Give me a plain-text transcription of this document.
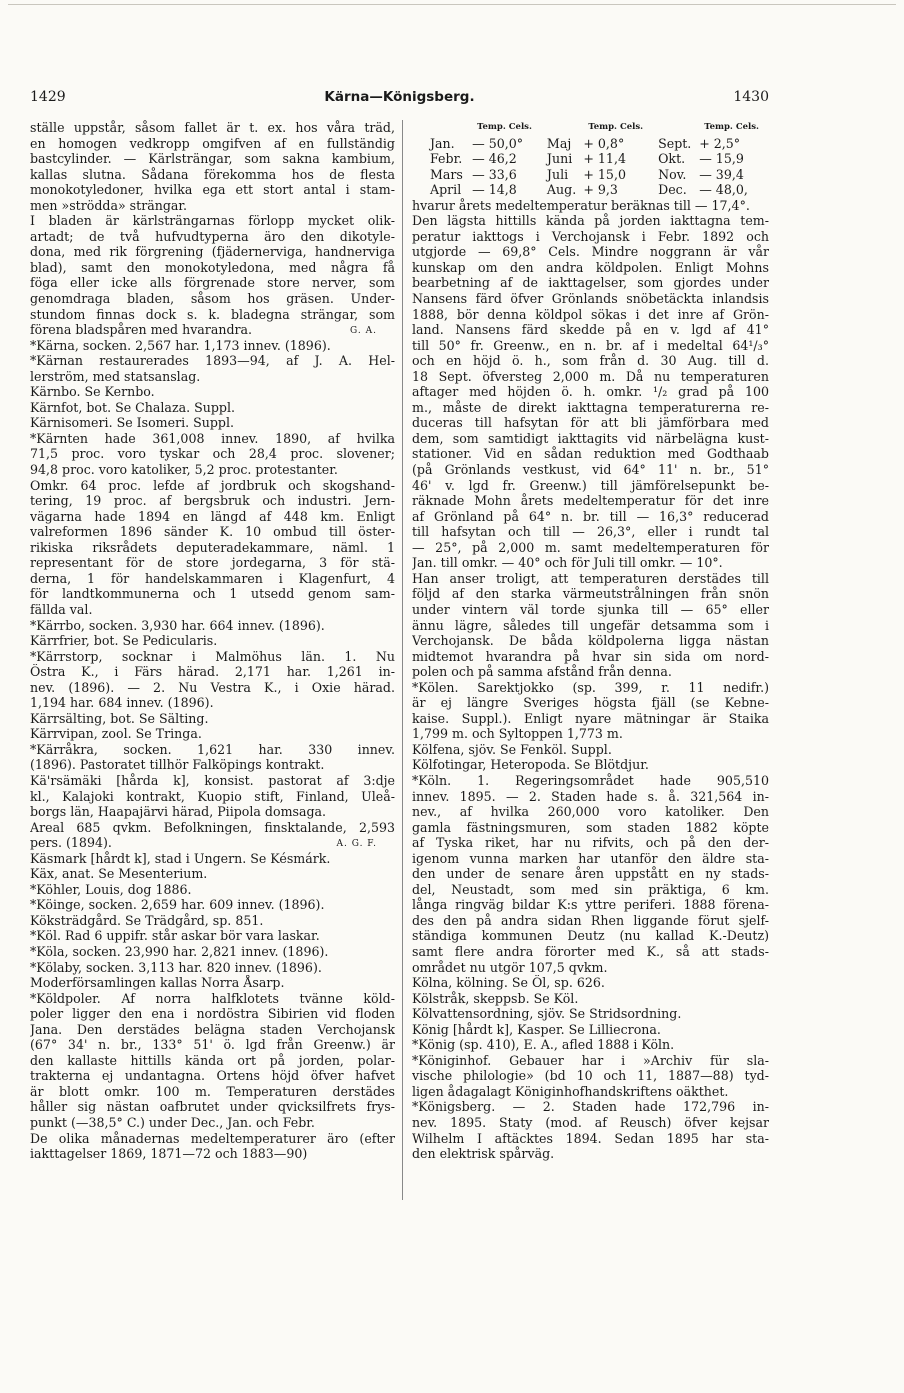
1429	Kärna—Königsberg.	1430
ställe uppstår, såsom fallet är t. ex. hos våra träd,
en homogen vedkropp omgifven af en fullständig
bastcylinder. — Kärlsträngar, som sakna kambium,
kallas slutna. Sådana förekomma hos de flesta
monokotyledoner, hvilka ega ett stort antal i stam-
men »strödda» strängar.
I bladen är kärlsträngarnas förlopp mycket olik-
artadt; de två hufvudtyperna äro den dikotyle-
dona, med rik förgrening (fjädernerviga, handnerviga
blad), samt den monokotyledona, med några få
föga eller icke alls förgrenade store nerver, som
genomdraga bladen, såsom hos gräsen. Under-
stundom finnas dock s. k. bladegna strängar, som
förena bladspåren med hvarandra.	G. A.
*Kärna, socken. 2,567 har. 1,173 innev. (1896).
*Kärnan restaurerades 1893—94, af J. A. Hel-
lerström, med statsanslag.
Kärnbo. Se Kernbo.
Kärnfot, bot. Se Chalaza. Suppl.
Kärnisomeri. Se Isomeri. Suppl.
*Kärnten hade 361,008 innev. 1890, af hvilka
71,5 proc. voro tyskar och 28,4 proc. slovener;
94,8 proc. voro katoliker, 5,2 proc. protestanter.
Omkr. 64 proc. lefde af jordbruk och skogshand-
tering, 19 proc. af bergsbruk och industri. Jern-
vägarna hade 1894 en längd af 448 km. Enligt
valreformen 1896 sänder K. 10 ombud till öster-
rikiska riksrådets deputeradekammare, näml. 1
representant för de store jordegarna, 3 för stä-
derna, 1 för handelskammaren i Klagenfurt, 4
för landtkommunerna och 1 utsedd genom sam-
fällda val.
*Kärrbo, socken. 3,930 har. 664 innev. (1896).
Kärrfrier, bot. Se Pedicularis.
*Kärrstorp, socknar i Malmöhus län. 1. Nu
Östra K., i Färs härad. 2,171 har. 1,261 in-
nev. (1896). — 2. Nu Vestra K., i Oxie härad.
1,194 har. 684 innev. (1896).
Kärrsälting, bot. Se Sälting.
Kärrvipan, zool. Se Tringa.
*Kärråkra, socken. 1,621 har. 330 innev.
(1896). Pastoratet tillhör Falköpings kontrakt.
Kä'rsämäki [hårda k], konsist. pastorat af 3:dje
kl., Kalajoki kontrakt, Kuopio stift, Finland, Uleå-
borgs län, Haapajärvi härad, Piipola domsaga.
Areal 685 qvkm. Befolkningen, finsktalande, 2,593
pers. (1894).	A. G. F.
Käsmark [hårdt k], stad i Ungern. Se Késmárk.
Käx, anat. Se Mesenterium.
*Köhler, Louis, dog 1886.
*Köinge, socken. 2,659 har. 609 innev. (1896).
Köksträdgård. Se Trädgård, sp. 851.
*Köl. Rad 6 uppifr. står askar bör vara laskar.
*Köla, socken. 23,990 har. 2,821 innev. (1896).
*Kölaby, socken. 3,113 har. 820 innev. (1896).
Moderförsamlingen kallas Norra Åsarp.
*Köldpoler. Af norra halfklotets tvänne köld-
poler ligger den ena i nordöstra Sibirien vid floden
Jana. Den derstädes belägna staden Verchojansk
(67° 34' n. br., 133° 51' ö. lgd från Greenw.) är
den kallaste hittills kända ort på jorden, polar-
trakterna ej undantagna. Ortens höjd öfver hafvet
är blott omkr. 100 m. Temperaturen derstädes
håller sig nästan oafbrutet under qvicksilfrets frys-
punkt (—38,5° C.) under Dec., Jan. och Febr.
De olika månadernas medeltemperaturer äro (efter
iakttagelser 1869, 1871—72 och 1883—90)
	Temp. Cels.		Temp. Cels.		Temp. Cels.
Jan.	— 50,0°	Maj	+ 0,8°	Sept.	+ 2,5°
Febr.	— 46,2	Juni	+ 11,4	Okt.	— 15,9
Mars	— 33,6	Juli	+ 15,0	Nov.	— 39,4
April	— 14,8	Aug.	+ 9,3	Dec.	— 48,0,
hvarur årets medeltemperatur beräknas till — 17,4°.
Den lägsta hittills kända på jorden iakttagna tem-
peratur iakttogs i Verchojansk i Febr. 1892 och
utgjorde — 69,8° Cels. Mindre noggrann är vår
kunskap om den andra köldpolen. Enligt Mohns
bearbetning af de iakttagelser, som gjordes under
Nansens färd öfver Grönlands snöbetäckta inlandsis
1888, bör denna köldpol sökas i det inre af Grön-
land. Nansens färd skedde på en v. lgd af 41°
till 50° fr. Greenw., en n. br. af i medeltal 64¹/₃°
och en höjd ö. h., som från d. 30 Aug. till d.
18 Sept. öfversteg 2,000 m. Då nu temperaturen
aftager med höjden ö. h. omkr. ¹/₂ grad på 100
m., måste de direkt iakttagna temperaturerna re-
duceras till hafsytan för att bli jämförbara med
dem, som samtidigt iakttagits vid närbelägna kust-
stationer. Vid en sådan reduktion med Godthaab
(på Grönlands vestkust, vid 64° 11' n. br., 51°
46' v. lgd fr. Greenw.) till jämförelsepunkt be-
räknade Mohn årets medeltemperatur för det inre
af Grönland på 64° n. br. till — 16,3° reducerad
till hafsytan och till — 26,3°, eller i rundt tal
— 25°, på 2,000 m. samt medeltemperaturen för
Jan. till omkr. — 40° och för Juli till omkr. — 10°.
Han anser troligt, att temperaturen derstädes till
följd af den starka värmeutstrålningen från snön
under vintern väl torde sjunka till — 65° eller
ännu lägre, således till ungefär detsamma som i
Verchojansk. De båda köldpolerna ligga nästan
midtemot hvarandra på hvar sin sida om nord-
polen och på samma afstånd från denna.
*Kölen. Sarektjokko (sp. 399, r. 11 nedifr.)
är ej längre Sveriges högsta fjäll (se Kebne-
kaise. Suppl.). Enligt nyare mätningar är Staika
1,799 m. och Syltoppen 1,773 m.
Kölfena, sjöv. Se Fenköl. Suppl.
Kölfotingar, Heteropoda. Se Blötdjur.
*Köln. 1. Regeringsområdet hade 905,510
innev. 1895. — 2. Staden hade s. å. 321,564 in-
nev., af hvilka 260,000 voro katoliker. Den
gamla fästningsmuren, som staden 1882 köpte
af Tyska riket, har nu rifvits, och på den der-
igenom vunna marken har utanför den äldre sta-
den under de senare åren uppstått en ny stads-
del, Neustadt, som med sin präktiga, 6 km.
långa ringväg bildar K:s yttre periferi. 1888 förena-
des den på andra sidan Rhen liggande förut sjelf-
ständiga kommunen Deutz (nu kallad K.-Deutz)
samt flere andra förorter med K., så att stads-
området nu utgör 107,5 qvkm.
Kölna, kölning. Se Öl, sp. 626.
Kölstråk, skeppsb. Se Köl.
Kölvattensordning, sjöv. Se Stridsordning.
König [hårdt k], Kasper. Se Lilliecrona.
*König (sp. 410), E. A., afled 1888 i Köln.
*Königinhof. Gebauer har i »Archiv für sla-
vische philologie» (bd 10 och 11, 1887—88) tyd-
ligen ådagalagt Königinhofhandskriftens oäkthet.
*Königsberg. — 2. Staden hade 172,796 in-
nev. 1895. Staty (mod. af Reusch) öfver kejsar
Wilhelm I aftäcktes 1894. Sedan 1895 har sta-
den elektrisk spårväg.
